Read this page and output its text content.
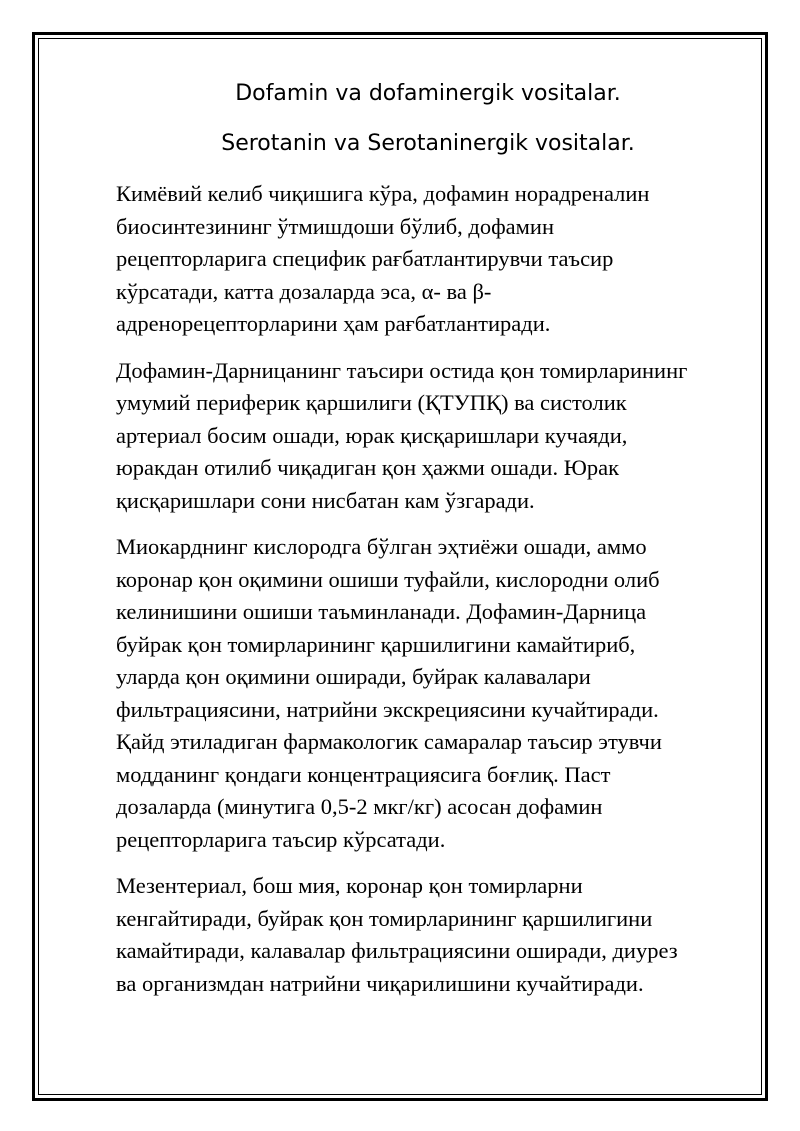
Dofamin va dofaminergik vositalar.
Serotanin va Serotaninergik vositalar.

Кимёвий келиб чиқишига кўра, дофамин норадреналин
биосинтезининг ўтмишдоши бўлиб, дофамин
рецепторларига специфик рағбатлантирувчи таъсир
кўрсатади, катта дозаларда эса, α- ва β-
адренорецепторларини ҳам рағбатлантиради.

Дофамин-Дарницанинг таъсири остида қон томирларининг
умумий периферик қаршилиги (ҚТУПҚ) ва систолик
артериал босим ошади, юрак қисқаришлари кучаяди,
юракдан отилиб чиқадиган қон ҳажми ошади. Юрак
қисқаришлари сони нисбатан кам ўзгаради.

Миокарднинг кислородга бўлган эҳтиёжи ошади, аммо
коронар қон оқимини ошиши туфайли, кислородни олиб
келинишини ошиши таъминланади. Дофамин-Дарница
буйрак қон томирларининг қаршилигини камайтириб,
уларда қон оқимини оширади, буйрак калавалари
фильтрациясини, натрийни экскрециясини кучайтиради.
Қайд этиладиган фармакологик самаралар таъсир этувчи
модданинг қондаги концентрациясига боғлиқ. Паст
дозаларда (минутига 0,5-2 мкг/кг) асосан дофамин
рецепторларига таъсир кўрсатади.

Мезентериал, бош мия, коронар қон томирларни
кенгайтиради, буйрак қон томирларининг қаршилигини
камайтиради, калавалар фильтрациясини оширади, диурез
ва организмдан натрийни чиқарилишини кучайтиради.
